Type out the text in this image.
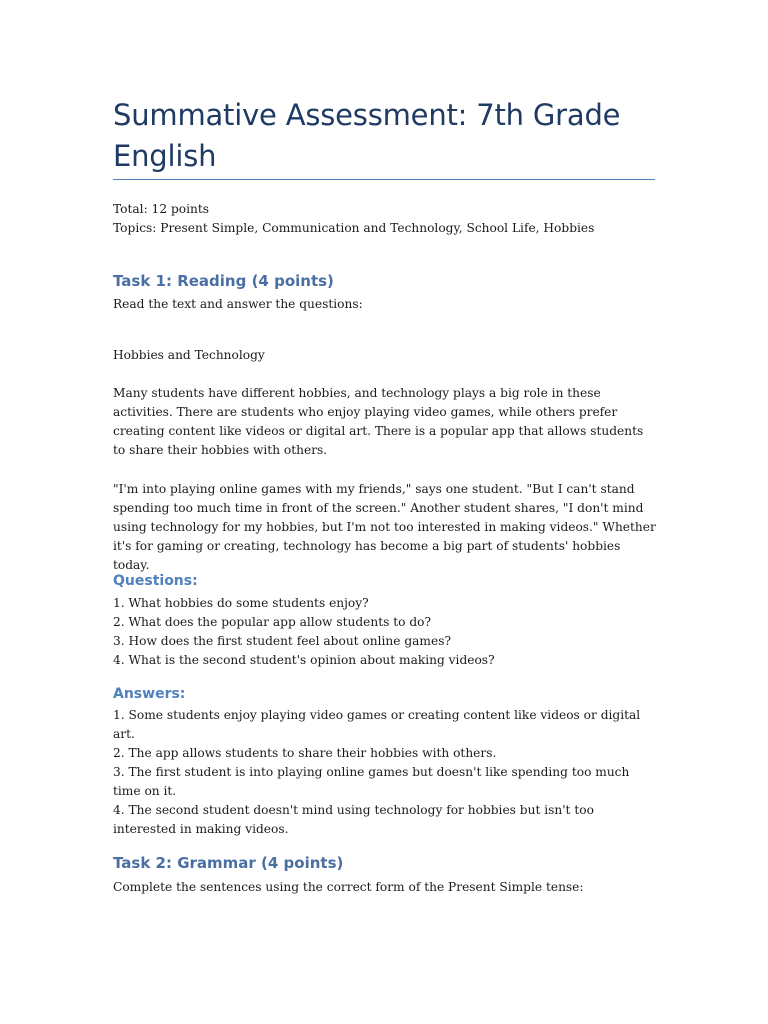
Summative Assessment: 7th Grade English

Total: 12 points

Topics: Present Simple, Communication and Technology, School Life, Hobbies

Task 1: Reading (4 points)

Read the text and answer the questions:

Hobbies and Technology

Many students have different hobbies, and technology plays a big role in these activities. There are students who enjoy playing video games, while others prefer creating content like videos or digital art. There is a popular app that allows students to share their hobbies with others.

"I'm into playing online games with my friends," says one student. "But I can't stand spending too much time in front of the screen." Another student shares, "I don't mind using technology for my hobbies, but I'm not too interested in making videos." Whether it's for gaming or creating, technology has become a big part of students' hobbies today.

Questions:
1. What hobbies do some students enjoy?
2. What does the popular app allow students to do?
3. How does the first student feel about online games?
4. What is the second student's opinion about making videos?
Answers:
1. Some students enjoy playing video games or creating content like videos or digital art.
2. The app allows students to share their hobbies with others.
3. The first student is into playing online games but doesn't like spending too much time on it.
4. The second student doesn't mind using technology for hobbies but isn't too interested in making videos.
Task 2: Grammar (4 points)

Complete the sentences using the correct form of the Present Simple tense:
